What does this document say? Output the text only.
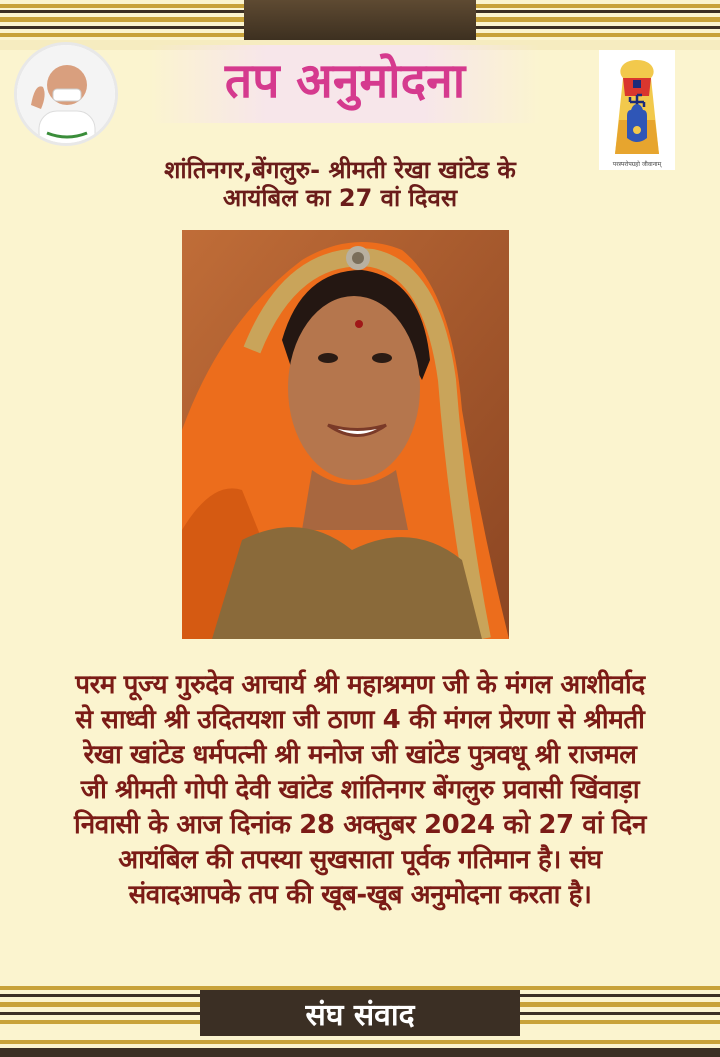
तप अनुमोदना
परस्परोपग्रहो जीवानाम्
शांतिनगर,बेंगलुरु- श्रीमती रेखा खांटेड के
आयंबिल का 27 वां दिवस
परम पूज्य गुरुदेव आचार्य श्री महाश्रमण जी के मंगल आशीर्वाद
से साध्वी श्री उदितयशा जी ठाणा 4 की मंगल प्रेरणा से श्रीमती
रेखा खांटेड धर्मपत्नी श्री मनोज जी खांटेड पुत्रवधू श्री राजमल
जी श्रीमती गोपी देवी खांटेड शांतिनगर बेंगलुरु प्रवासी खिंवाड़ा
निवासी के आज दिनांक 28 अक्तुबर 2024 को 27 वां दिन
आयंबिल की तपस्या सुखसाता पूर्वक गतिमान है। संघ
संवादआपके तप की खूब-खूब अनुमोदना करता है।
संघ संवाद
